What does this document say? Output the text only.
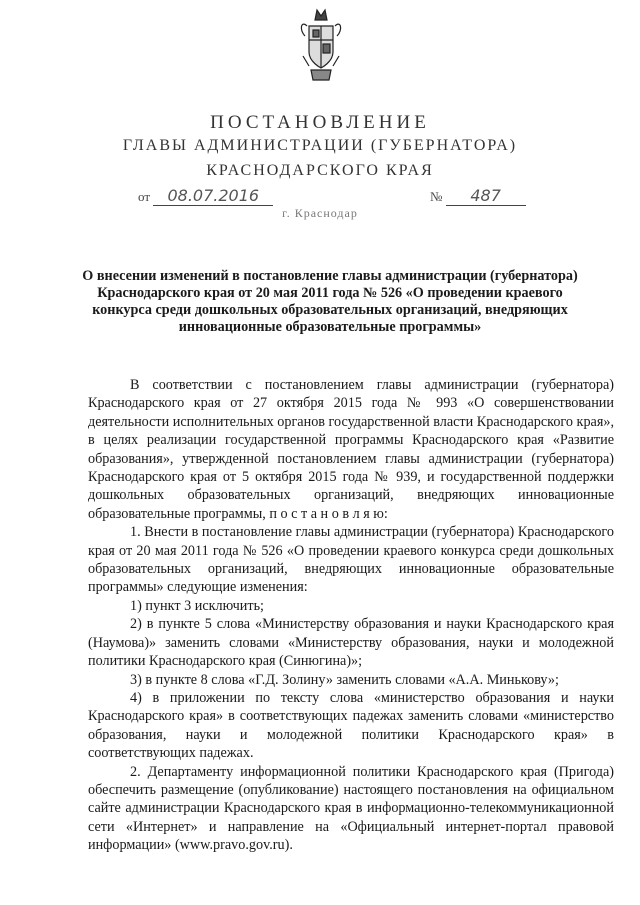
ПОСТАНОВЛЕНИЕ
ГЛАВЫ АДМИНИСТРАЦИИ (ГУБЕРНАТОРА)
КРАСНОДАРСКОГО КРАЯ
от 08.07.2016	№ 487
г. Краснодар
О внесении изменений в постановление главы администрации (губернатора) Краснодарского края от 20 мая 2011 года № 526 «О проведении краевого конкурса среди дошкольных образовательных организаций, внедряющих инновационные образовательные программы»

В соответствии с постановлением главы администрации (губернатора) Краснодарского края от 27 октября 2015 года № 993 «О совершенствовании деятельности исполнительных органов государственной власти Краснодарского края», в целях реализации государственной программы Краснодарского края «Развитие образования», утвержденной постановлением главы администрации (губернатора) Краснодарского края от 5 октября 2015 года № 939, и государственной поддержки дошкольных образовательных организаций, внедряющих инновационные образовательные программы, п о с т а н о в л я ю:

1. Внести в постановление главы администрации (губернатора) Краснодарского края от 20 мая 2011 года № 526 «О проведении краевого конкурса среди дошкольных образовательных организаций, внедряющих инновационные образовательные программы» следующие изменения:

1) пункт 3 исключить;

2) в пункте 5 слова «Министерству образования и науки Краснодарского края (Наумова)» заменить словами «Министерству образования, науки и молодежной политики Краснодарского края (Синюгина)»;

3) в пункте 8 слова «Г.Д. Золину» заменить словами «А.А. Минькову»;

4) в приложении по тексту слова «министерство образования и науки Краснодарского края» в соответствующих падежах заменить словами «министерство образования, науки и молодежной политики Краснодарского края» в соответствующих падежах.

2. Департаменту информационной политики Краснодарского края (Пригода) обеспечить размещение (опубликование) настоящего постановления на официальном сайте администрации Краснодарского края в информационно-телекоммуникационной сети «Интернет» и направление на «Официальный интернет-портал правовой информации» (www.pravo.gov.ru).
